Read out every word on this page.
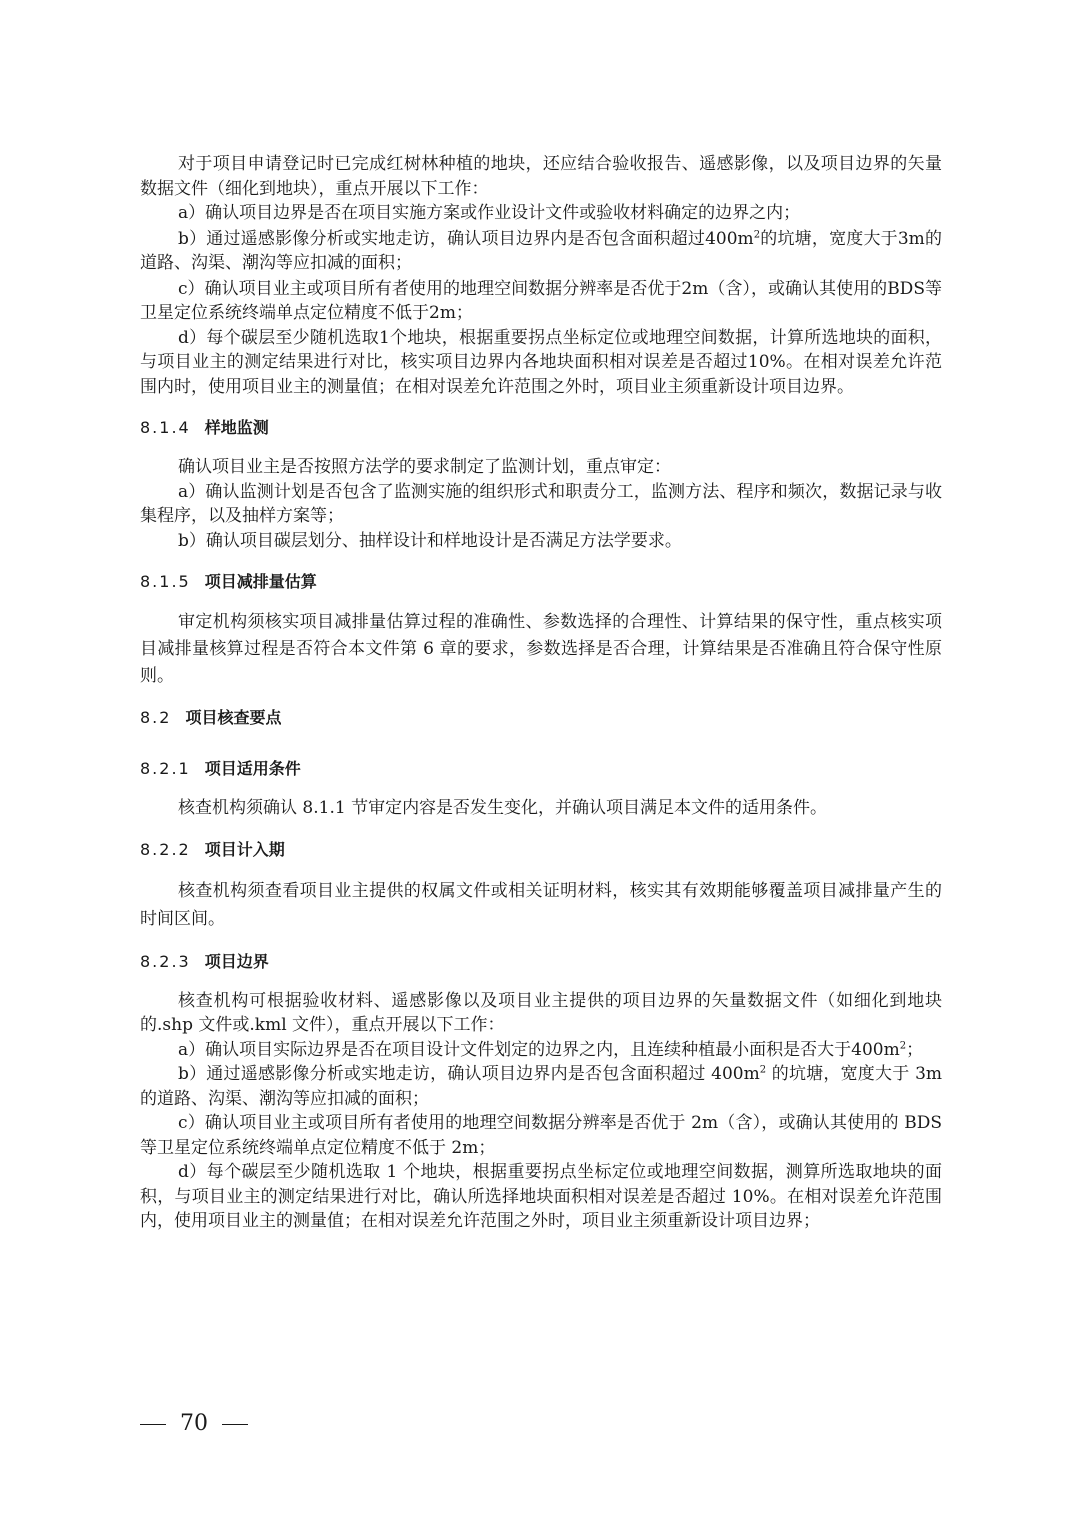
对于项目申请登记时已完成红树林种植的地块，还应结合验收报告、遥感影像，以及项目边界的矢量数据文件（细化到地块），重点开展以下工作：

a）确认项目边界是否在项目实施方案或作业设计文件或验收材料确定的边界之内；

b）通过遥感影像分析或实地走访，确认项目边界内是否包含面积超过$400m^2$的坑塘，宽度大于3m的道路、沟渠、潮沟等应扣减的面积；

c）确认项目业主或项目所有者使用的地理空间数据分辨率是否优于2m（含），或确认其使用的BDS等卫星定位系统终端单点定位精度不低于2m；

d）每个碳层至少随机选取1个地块，根据重要拐点坐标定位或地理空间数据，计算所选地块的面积，与项目业主的测定结果进行对比，核实项目边界内各地块面积相对误差是否超过10%。在相对误差允许范围内时，使用项目业主的测量值；在相对误差允许范围之外时，项目业主须重新设计项目边界。

8.1.4 样地监测

确认项目业主是否按照方法学的要求制定了监测计划，重点审定：

a）确认监测计划是否包含了监测实施的组织形式和职责分工，监测方法、程序和频次，数据记录与收集程序，以及抽样方案等；

b）确认项目碳层划分、抽样设计和样地设计是否满足方法学要求。

8.1.5 项目减排量估算

审定机构须核实项目减排量估算过程的准确性、参数选择的合理性、计算结果的保守性，重点核实项目减排量核算过程是否符合本文件第 6 章的要求，参数选择是否合理，计算结果是否准确且符合保守性原则。

8.2 项目核查要点

8.2.1 项目适用条件

核查机构须确认 8.1.1 节审定内容是否发生变化，并确认项目满足本文件的适用条件。

8.2.2 项目计入期

核查机构须查看项目业主提供的权属文件或相关证明材料，核实其有效期能够覆盖项目减排量产生的时间区间。

8.2.3 项目边界

核查机构可根据验收材料、遥感影像以及项目业主提供的项目边界的矢量数据文件（如细化到地块的.shp 文件或.kml 文件），重点开展以下工作：

a）确认项目实际边界是否在项目设计文件划定的边界之内，且连续种植最小面积是否大于$400m^2$；

b）通过遥感影像分析或实地走访，确认项目边界内是否包含面积超过 $400m^2$ 的坑塘，宽度大于 3m 的道路、沟渠、潮沟等应扣减的面积；

c）确认项目业主或项目所有者使用的地理空间数据分辨率是否优于 2m（含），或确认其使用的 BDS 等卫星定位系统终端单点定位精度不低于 2m；

d）每个碳层至少随机选取 1 个地块，根据重要拐点坐标定位或地理空间数据，测算所选取地块的面积，与项目业主的测定结果进行对比，确认所选择地块面积相对误差是否超过 10%。在相对误差允许范围内，使用项目业主的测量值；在相对误差允许范围之外时，项目业主须重新设计项目边界；

70
